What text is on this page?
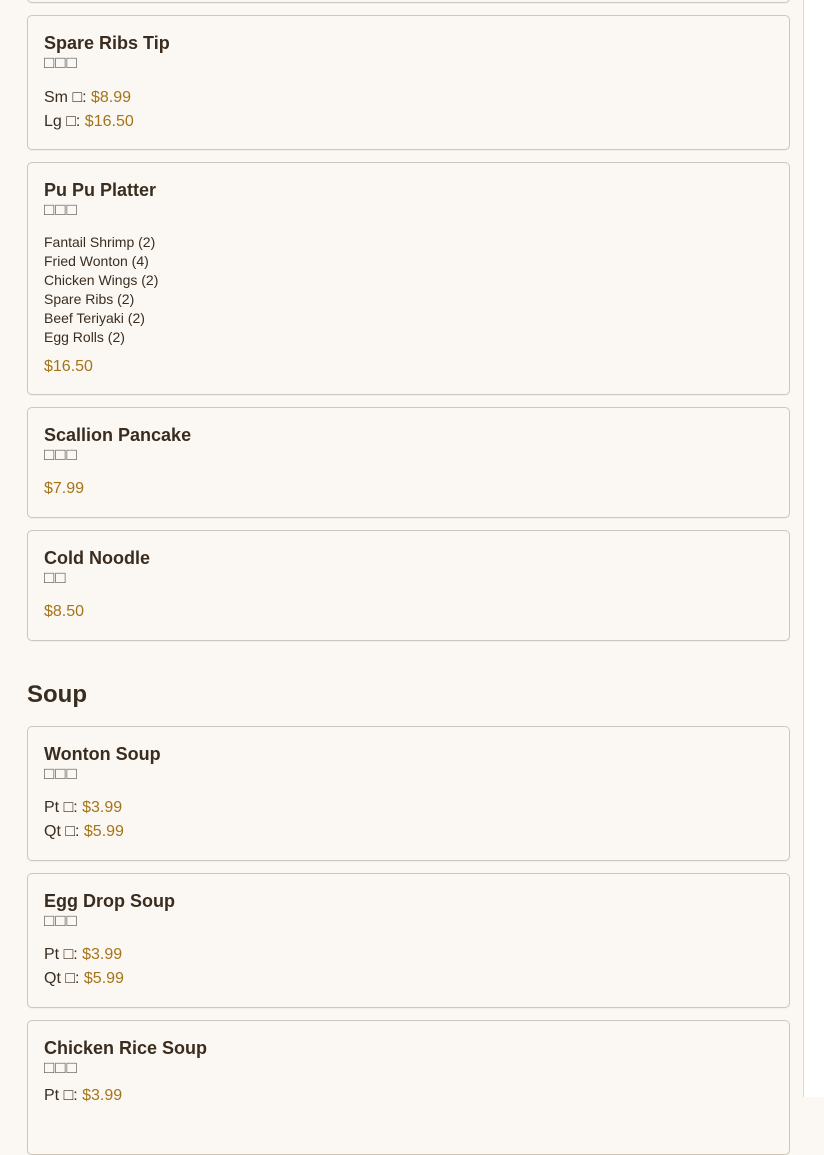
Spare Ribs Tip
□□□
Sm □: $8.99
Lg □: $16.50
Pu Pu Platter
□□□
Fantail Shrimp (2)
Fried Wonton (4)
Chicken Wings (2)
Spare Ribs (2)
Beef Teriyaki (2)
Egg Rolls (2)
$16.50
Scallion Pancake
□□□
$7.99
Cold Noodle
□□
$8.50
Soup
Wonton Soup
□□□
Pt □: $3.99
Qt □: $5.99
Egg Drop Soup
□□□
Pt □: $3.99
Qt □: $5.99
Chicken Rice Soup
□□□
Pt □: $3.99
